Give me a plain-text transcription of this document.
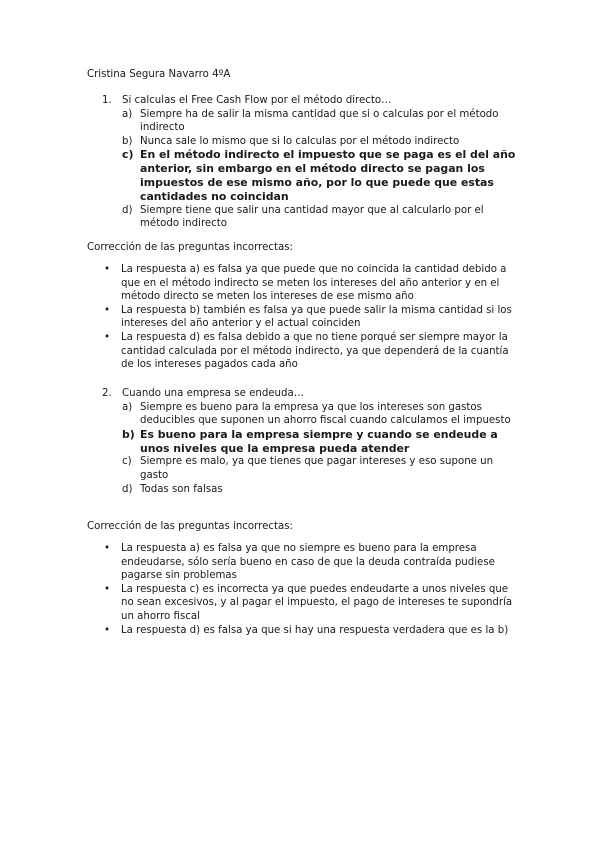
Cristina Segura Navarro 4ºA
1. Si calculas el Free Cash Flow por el método directo…
a) Siempre ha de salir la misma cantidad que si o calculas por el método indirecto
b) Nunca sale lo mismo que si lo calculas por el método indirecto
c) En el método indirecto el impuesto que se paga es el del año anterior, sin embargo en el método directo se pagan los impuestos de ese mismo año, por lo que puede que estas cantidades no coincidan
d) Siempre tiene que salir una cantidad mayor que al calcularlo por el método indirecto
Corrección de las preguntas incorrectas:
• La respuesta a) es falsa ya que puede que no coincida la cantidad debido a que en el método indirecto se meten los intereses del año anterior y en el método directo se meten los intereses de ese mismo año
• La respuesta b) también es falsa ya que puede salir la misma cantidad si los intereses del año anterior y el actual coinciden
• La respuesta d) es falsa debido a que no tiene porqué ser siempre mayor la cantidad calculada por el método indirecto, ya que dependerá de la cuantía de los intereses pagados cada año
2. Cuando una empresa se endeuda…
a) Siempre es bueno para la empresa ya que los intereses son gastos deducibles que suponen un ahorro fiscal cuando calculamos el impuesto
b) Es bueno para la empresa siempre y cuando se endeude a unos niveles que la empresa pueda atender
c) Siempre es malo, ya que tienes que pagar intereses y eso supone un gasto
d) Todas son falsas
Corrección de las preguntas incorrectas:
• La respuesta a) es falsa ya que no siempre es bueno para la empresa endeudarse, sólo sería bueno en caso de que la deuda contraída pudiese pagarse sin problemas
• La respuesta c) es incorrecta ya que puedes endeudarte a unos niveles que no sean excesivos, y al pagar el impuesto, el pago de intereses te supondría un ahorro fiscal
• La respuesta d) es falsa ya que si hay una respuesta verdadera que es la b)
